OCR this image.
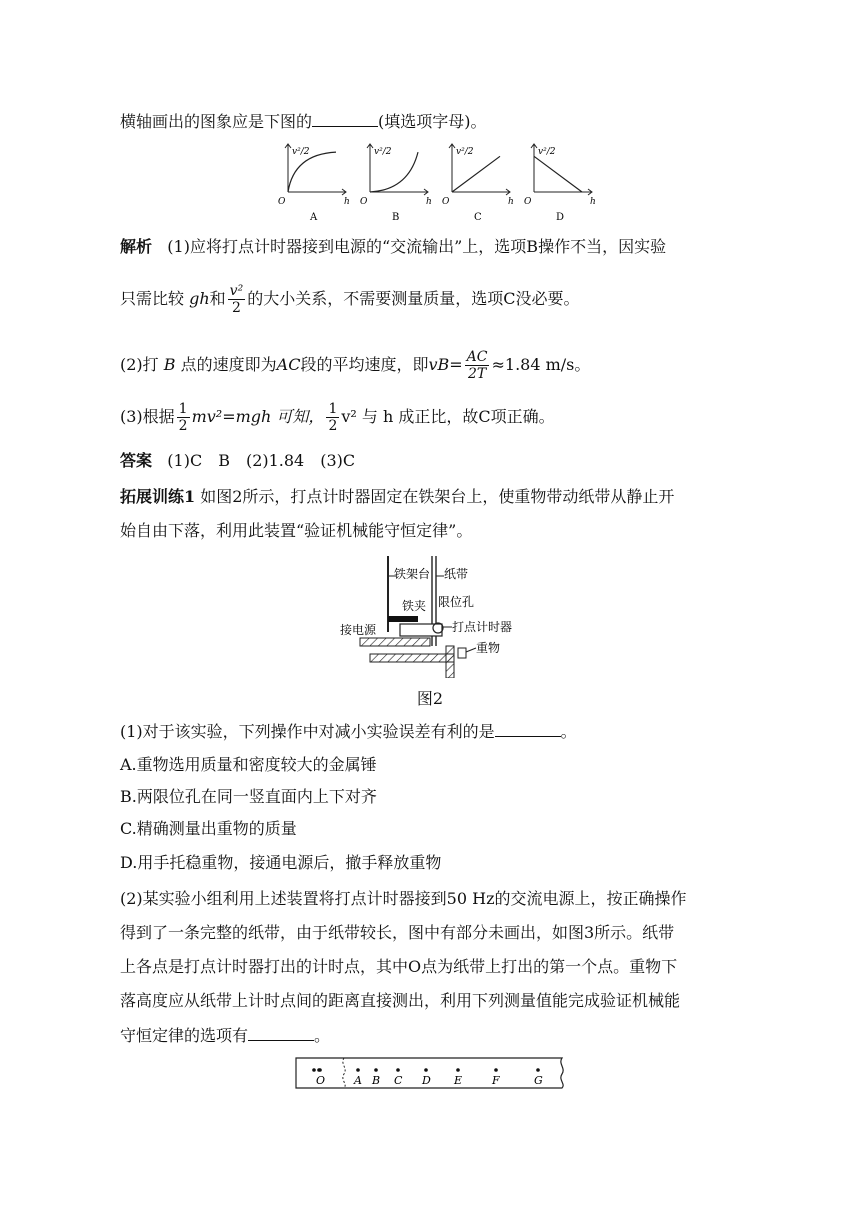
横轴画出的图象应是下图的	(填选项字母)。
v²/2
h
O
A
v²/2
h
O
B
v²/2
h
O
C
v²/2
h
O
D
解析 (1)应将打点计时器接到电源的“交流输出”上，选项B操作不当，因实验
只需比较 gh和 $\frac{\text{v²}}{2}$ 的大小关系，不需要测量质量，选项C没必要。
(2)打 B 点的速度即为AC段的平均速度，即$vB= \frac{AC}{2T} \approx 1.84$ m/s。
(3)根据 $\frac{1}{2} mv^2=mgh$ 可知， $\frac{1}{2} v^2$ 与 h 成正比，故C项正确。
答案 (1)C　B　(2)1.84　(3)C
拓展训练1 如图2所示，打点计时器固定在铁架台上，使重物带动纸带从静止开
始自由下落，利用此装置“验证机械能守恒定律”。
铁架台 纸带
铁夹 限位孔
接电源	打点计时器
重物
图2
(1)对于该实验，下列操作中对减小实验误差有利的是	。
A.重物选用质量和密度较大的金属锤
B.两限位孔在同一竖直面内上下对齐
C.精确测量出重物的质量
D.用手托稳重物，接通电源后，撤手释放重物
(2)某实验小组利用上述装置将打点计时器接到50 Hz的交流电源上，按正确操作
得到了一条完整的纸带，由于纸带较长，图中有部分未画出，如图3所示。纸带
上各点是打点计时器打出的计时点，其中O点为纸带上打出的第一个点。重物下
落高度应从纸带上计时点间的距离直接测出，利用下列测量值能完成验证机械能
守恒定律的选项有	。
O	A B C D E	F	G
